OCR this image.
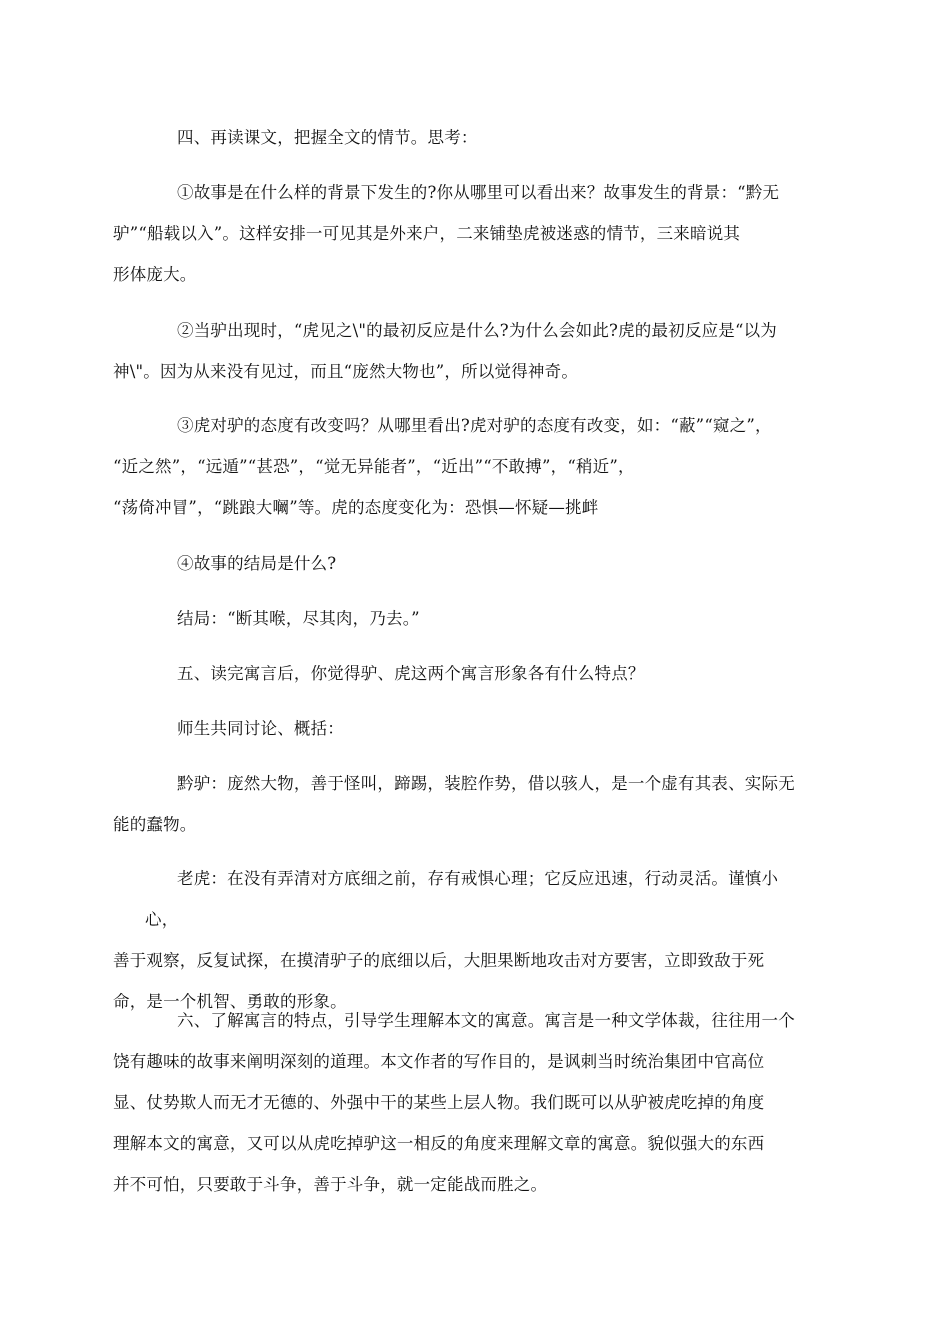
四、再读课文，把握全文的情节。思考：
①故事是在什么样的背景下发生的?你从哪里可以看出来？故事发生的背景：“黔无
驴”“船载以入”。这样安排一可见其是外来户，二来铺垫虎被迷惑的情节，三来暗说其
形体庞大。
②当驴出现时，“虎见之\"的最初反应是什么?为什么会如此?虎的最初反应是“以为
神\"。因为从来没有见过，而且“庞然大物也”，所以觉得神奇。
③虎对驴的态度有改变吗？从哪里看出?虎对驴的态度有改变，如：“蔽”“窥之”，
“近之然”，“远遁”“甚恐”，“觉无异能者”，“近出”“不敢搏”，“稍近”，
“荡倚冲冒”，“跳踉大㘎”等。虎的态度变化为：恐惧—怀疑—挑衅
④故事的结局是什么?
结局：“断其喉，尽其肉，乃去。”
五、读完寓言后，你觉得驴、虎这两个寓言形象各有什么特点？
师生共同讨论、概括：
黔驴：庞然大物，善于怪叫，蹄踢，装腔作势，借以骇人，是一个虚有其表、实际无
能的蠢物。
老虎：在没有弄清对方底细之前，存有戒惧心理；它反应迅速，行动灵活。谨慎小心，
善于观察，反复试探，在摸清驴子的底细以后，大胆果断地攻击对方要害，立即致敌于死
命，是一个机智、勇敢的形象。
六、了解寓言的特点，引导学生理解本文的寓意。寓言是一种文学体裁，往往用一个
饶有趣味的故事来阐明深刻的道理。本文作者的写作目的，是讽刺当时统治集团中官高位
显、仗势欺人而无才无德的、外强中干的某些上层人物。我们既可以从驴被虎吃掉的角度
理解本文的寓意，又可以从虎吃掉驴这一相反的角度来理解文章的寓意。貌似强大的东西
并不可怕，只要敢于斗争，善于斗争，就一定能战而胜之。
